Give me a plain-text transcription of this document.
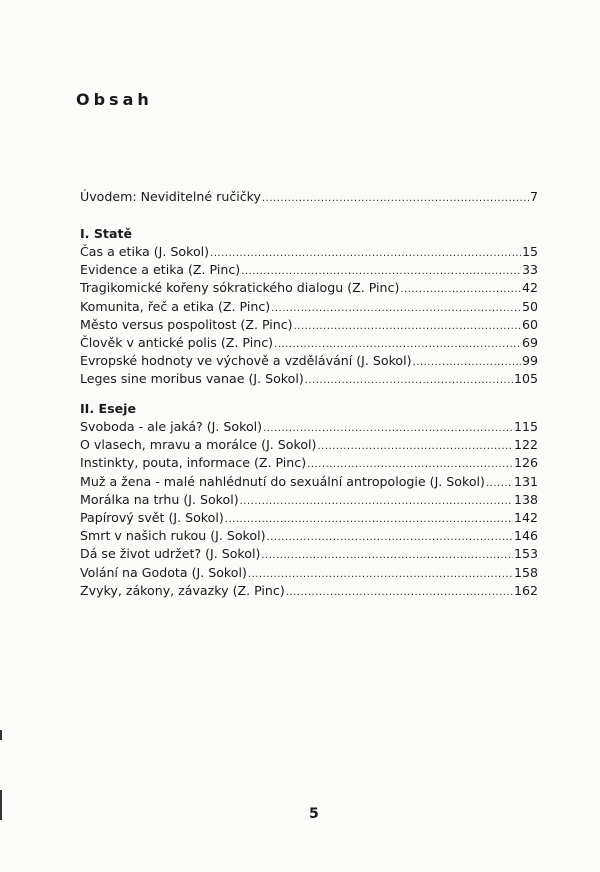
Obsah
Úvodem: Neviditelné ručičky .....	7
I. Statě
Čas a etika (J. Sokol) .....	15
Evidence a etika (Z. Pinc) .....	33
Tragikomické kořeny sókratického dialogu (Z. Pinc) .....	42
Komunita, řeč a etika (Z. Pinc) .....	50
Město versus pospolitost (Z. Pinc) .....	60
Člověk v antické polis (Z. Pinc) .....	69
Evropské hodnoty ve výchově a vzdělávání (J. Sokol) .....	99
Leges sine moribus vanae (J. Sokol) .....	105
II. Eseje
Svoboda - ale jaká? (J. Sokol) .....	115
O vlasech, mravu a morálce (J. Sokol) .....	122
Instinkty, pouta, informace (Z. Pinc) .....	126
Muž a žena - malé nahlédnutí do sexuální antropologie (J. Sokol) ..... 131
Morálka na trhu (J. Sokol) .....	138
Papírový svět (J. Sokol) .....	142
Smrt v našich rukou (J. Sokol) .....	146
Dá se život udržet? (J. Sokol) .....	153
Volání na Godota (J. Sokol) .....	158
Zvyky, zákony, závazky (Z. Pinc) .....	162
5
